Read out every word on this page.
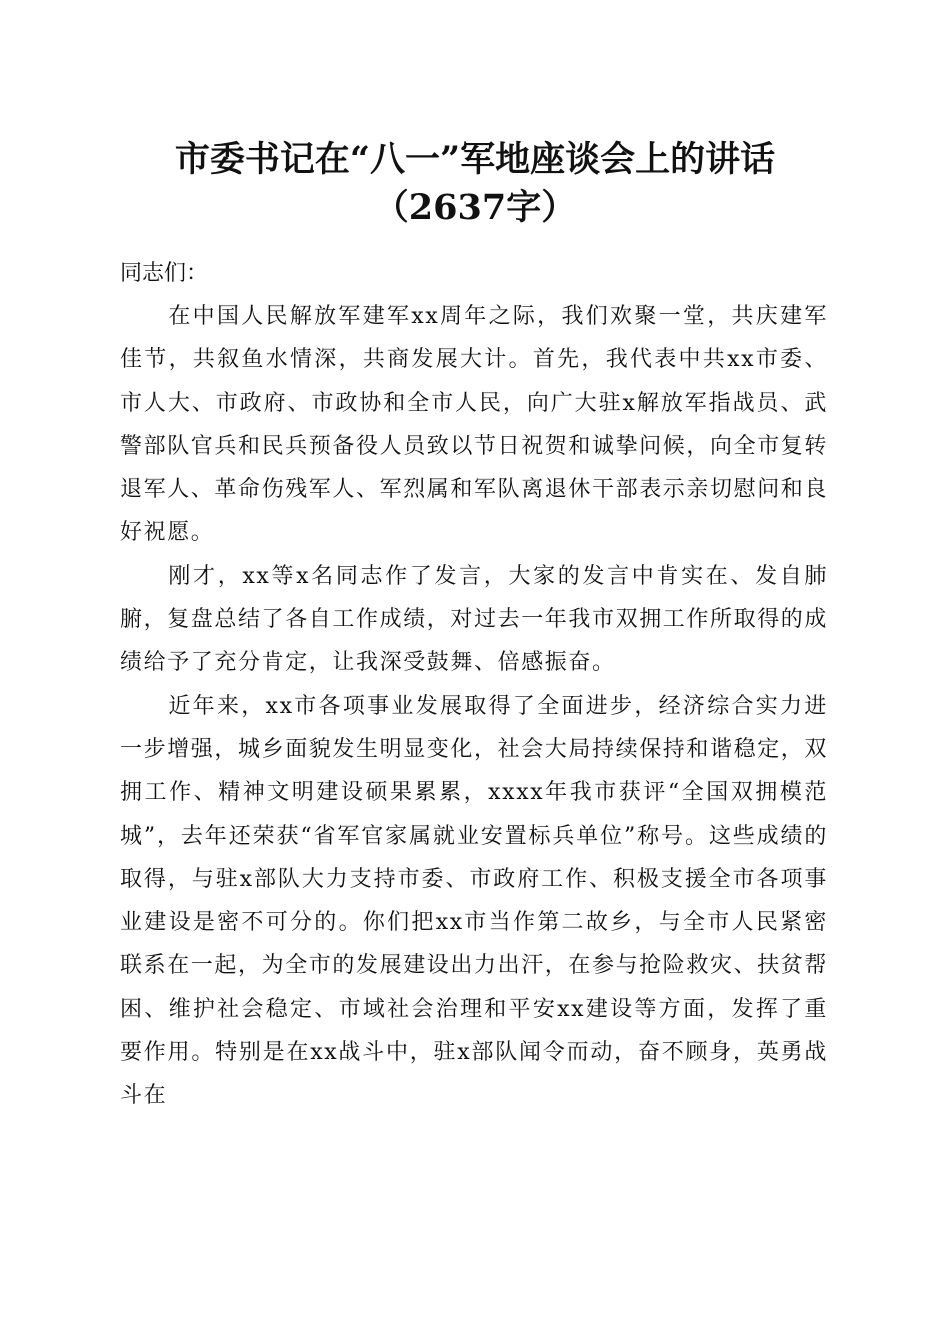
市委书记在“八一”军地座谈会上的讲话
（2637字）
同志们：

在中国人民解放军建军xx周年之际，我们欢聚一堂，共庆建军佳节，共叙鱼水情深，共商发展大计。首先，我代表中共xx市委、市人大、市政府、市政协和全市人民，向广大驻x解放军指战员、武警部队官兵和民兵预备役人员致以节日祝贺和诚挚问候，向全市复转退军人、革命伤残军人、军烈属和军队离退休干部表示亲切慰问和良好祝愿。

刚才，xx等x名同志作了发言，大家的发言中肯实在、发自肺腑，复盘总结了各自工作成绩，对过去一年我市双拥工作所取得的成绩给予了充分肯定，让我深受鼓舞、倍感振奋。

近年来，xx市各项事业发展取得了全面进步，经济综合实力进一步增强，城乡面貌发生明显变化，社会大局持续保持和谐稳定，双拥工作、精神文明建设硕果累累，xxxx年我市获评“全国双拥模范城”，去年还荣获“省军官家属就业安置标兵单位”称号。这些成绩的取得，与驻x部队大力支持市委、市政府工作、积极支援全市各项事业建设是密不可分的。你们把xx市当作第二故乡，与全市人民紧密联系在一起，为全市的发展建设出力出汗，在参与抢险救灾、扶贫帮困、维护社会稳定、市域社会治理和平安xx建设等方面，发挥了重要作用。特别是在xx战斗中，驻x部队闻令而动，奋不顾身，英勇战斗在
